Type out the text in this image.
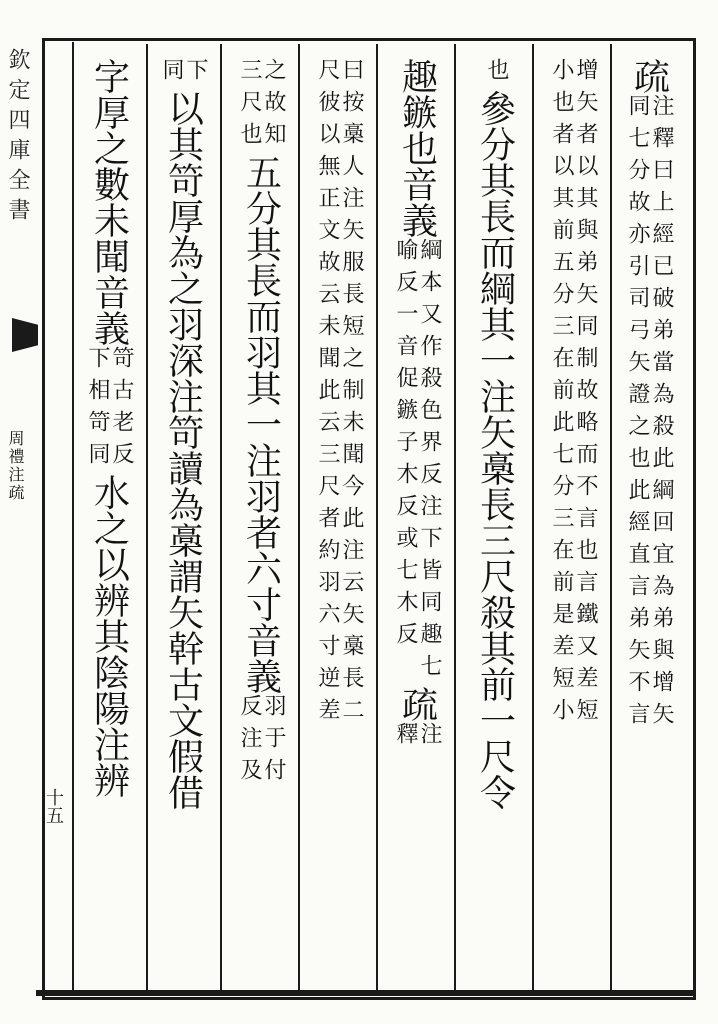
欽定四庫全書
周禮注疏
十五
疏
注釋曰上經已破弟當為殺此綱回宜為弟與增矢
同七分故亦引司弓矢證之也此經直言弟矢不言
增矢者以其與弟矢同制故略而不言也言鐵又差短
小也者以其前五分三在前此七分三在前是差短小
也
參分其長而綱其一注
矢槀長三尺殺其前一尺令
趣鏃也音義
綱本又作殺色界反注下皆同趣七
喻反一音促鏃子木反或七木反
疏
注
釋
曰按槀人注矢服長短之制未聞今此注云矢槀長二
尺彼以無正文故云未聞此云三尺者約羽六寸逆差
之故知
三尺也
五分其長而羽其一注
羽者六寸音義
羽于付
反注及
下
同
以其笴厚為之羽深注
笴讀為槀謂矢幹古文假借
字厚之數未聞音義
笴古老反
下相笴同
水之以辨其陰陽注辨
